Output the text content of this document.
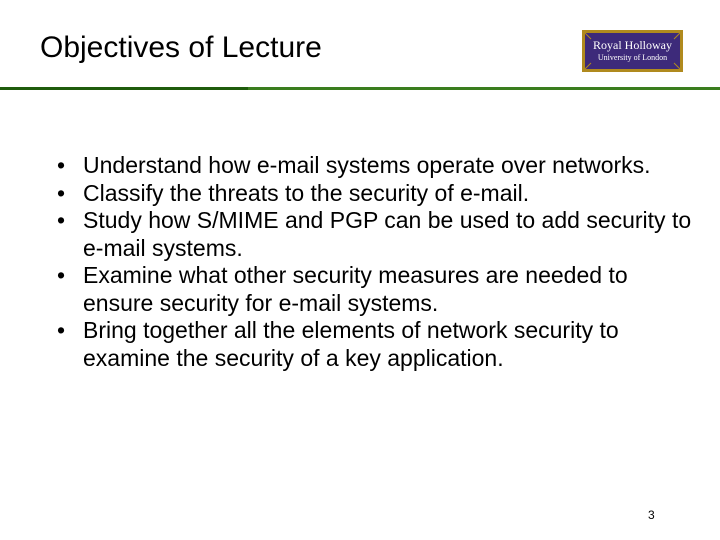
Objectives of Lecture	Royal Holloway
University of London
• Understand how e-mail systems operate over networks.
• Classify the threats to the security of e-mail.
• Study how S/MIME and PGP can be used to add security to e-mail systems.
• Examine what other security measures are needed to ensure security for e-mail systems.
• Bring together all the elements of network security to examine the security of a key application.
3
